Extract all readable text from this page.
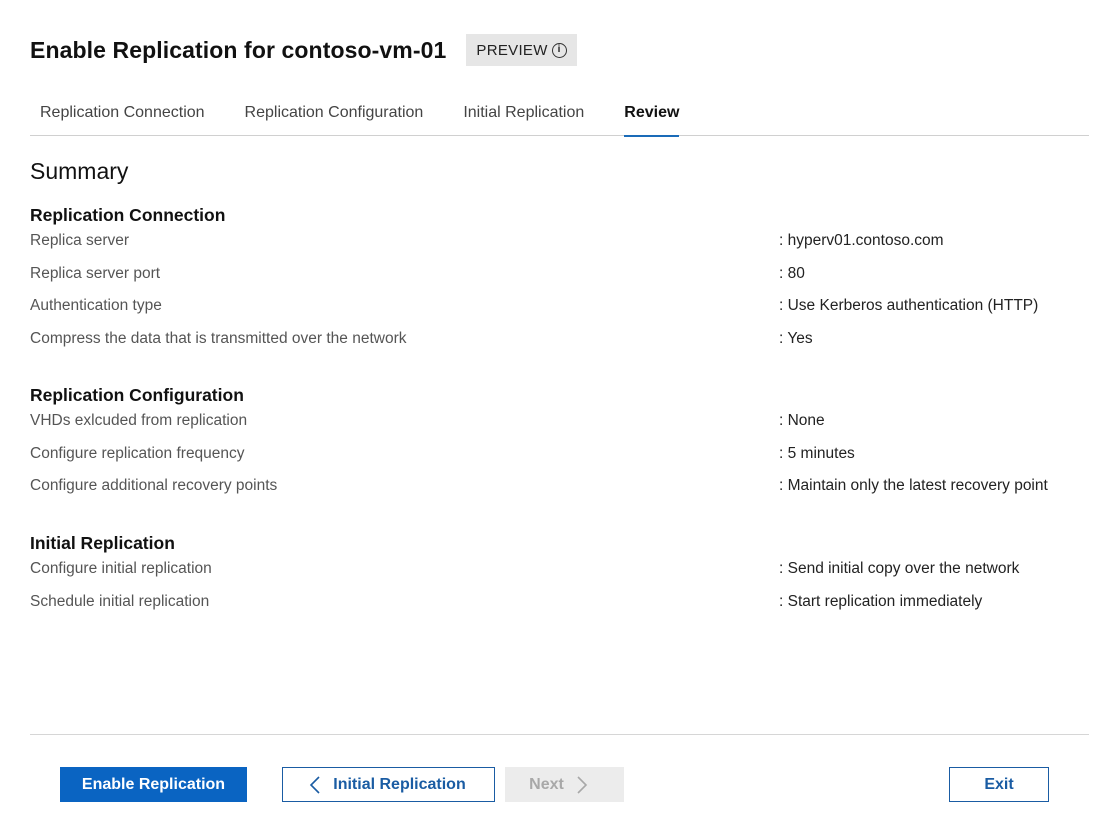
Enable Replication for contoso-vm-01 PREVIEW i
Replication Connection	Replication Configuration	Initial Replication	Review
Summary
Replication Connection
Replica server	: hyperv01.contoso.com
Replica server port	: 80
Authentication type	: Use Kerberos authentication (HTTP)
Compress the data that is transmitted over the network	: Yes
Replication Configuration
VHDs exlcuded from replication	: None
Configure replication frequency	: 5 minutes
Configure additional recovery points	: Maintain only the latest recovery point
Initial Replication
Configure initial replication	: Send initial copy over the network
Schedule initial replication	: Start replication immediately
Enable Replication	Initial Replication	Next	Exit
